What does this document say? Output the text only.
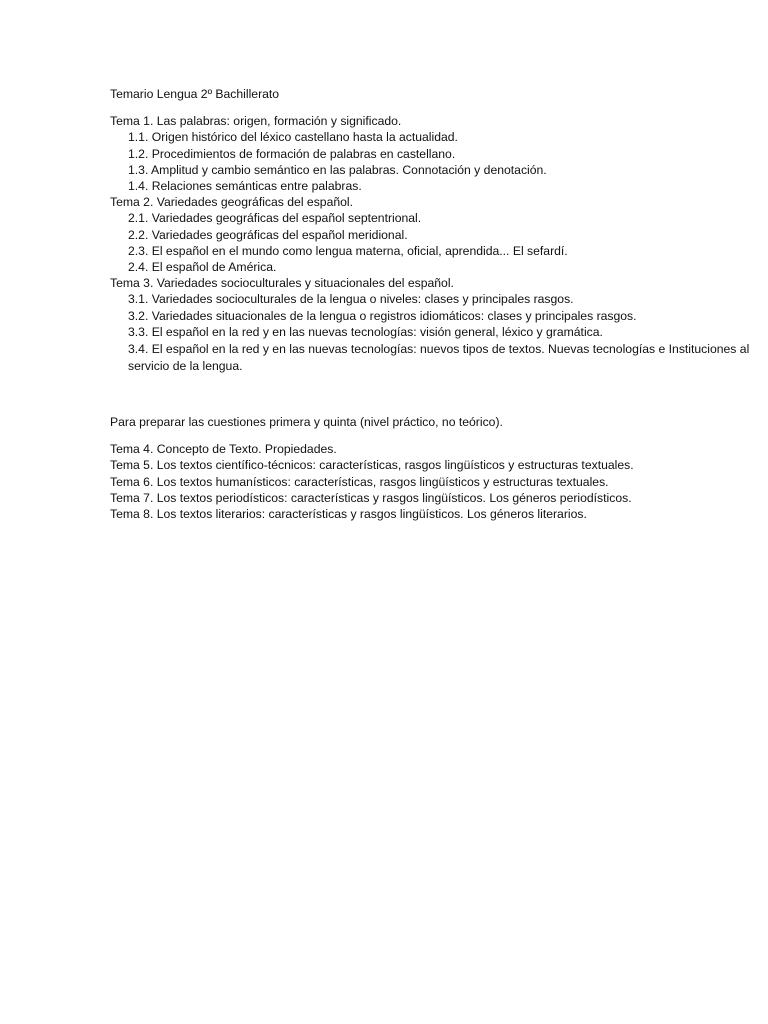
Temario Lengua 2º Bachillerato
Tema 1. Las palabras: origen, formación y significado.
1.1. Origen histórico del léxico castellano hasta la actualidad.
1.2. Procedimientos de formación de palabras en castellano.
1.3. Amplitud y cambio semántico en las palabras. Connotación y denotación.
1.4. Relaciones semánticas entre palabras.
Tema 2. Variedades geográficas del español.
2.1. Variedades geográficas del español septentrional.
2.2. Variedades geográficas del español meridional.
2.3. El español en el mundo como lengua materna, oficial, aprendida... El sefardí.
2.4. El español de América.
Tema 3. Variedades socioculturales y situacionales del español.
3.1. Variedades socioculturales de la lengua o niveles: clases y principales rasgos.
3.2. Variedades situacionales de la lengua o registros idiomáticos: clases y principales rasgos.
3.3. El español en la red y en las nuevas tecnologías: visión general, léxico y gramática.
3.4. El español en la red y en las nuevas tecnologías: nuevos tipos de textos. Nuevas tecnologías e Instituciones al servicio de la lengua.
Para preparar las cuestiones primera y quinta (nivel práctico, no teórico).
Tema 4. Concepto de Texto. Propiedades.
Tema 5. Los textos científico-técnicos: características, rasgos lingüísticos y estructuras textuales.
Tema 6. Los textos humanísticos: características, rasgos lingüísticos y estructuras textuales.
Tema 7. Los textos periodísticos: características y rasgos lingüísticos. Los géneros periodísticos.
Tema 8. Los textos literarios: características y rasgos lingüísticos. Los géneros literarios.
